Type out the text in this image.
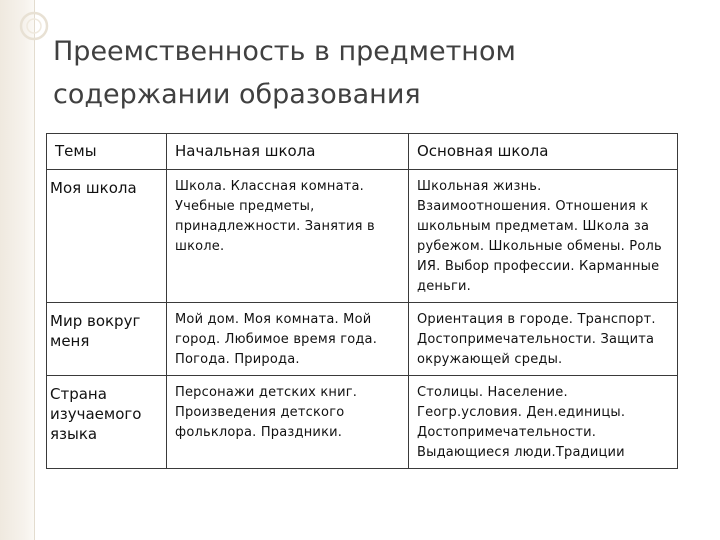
Преемственность в предметном
содержании образования
Темы	Начальная школа	Основная школа
Моя школа	Школа. Классная комната. Учебные предметы, принадлежности. Занятия в школе.	Школьная жизнь. Взаимоотношения. Отношения к школьным предметам. Школа за рубежом. Школьные обмены. Роль ИЯ. Выбор профессии. Карманные деньги.
Мир вокруг меня	Мой дом. Моя комната. Мой город. Любимое время года. Погода. Природа.	Ориентация в городе. Транспорт. Достопримечательности. Защита окружающей среды.
Страна изучаемого языка	Персонажи детских книг. Произведения детского фольклора. Праздники.	Столицы. Население. Геогр.условия. Ден.единицы. Достопримечательности. Выдающиеся люди.Традиции
